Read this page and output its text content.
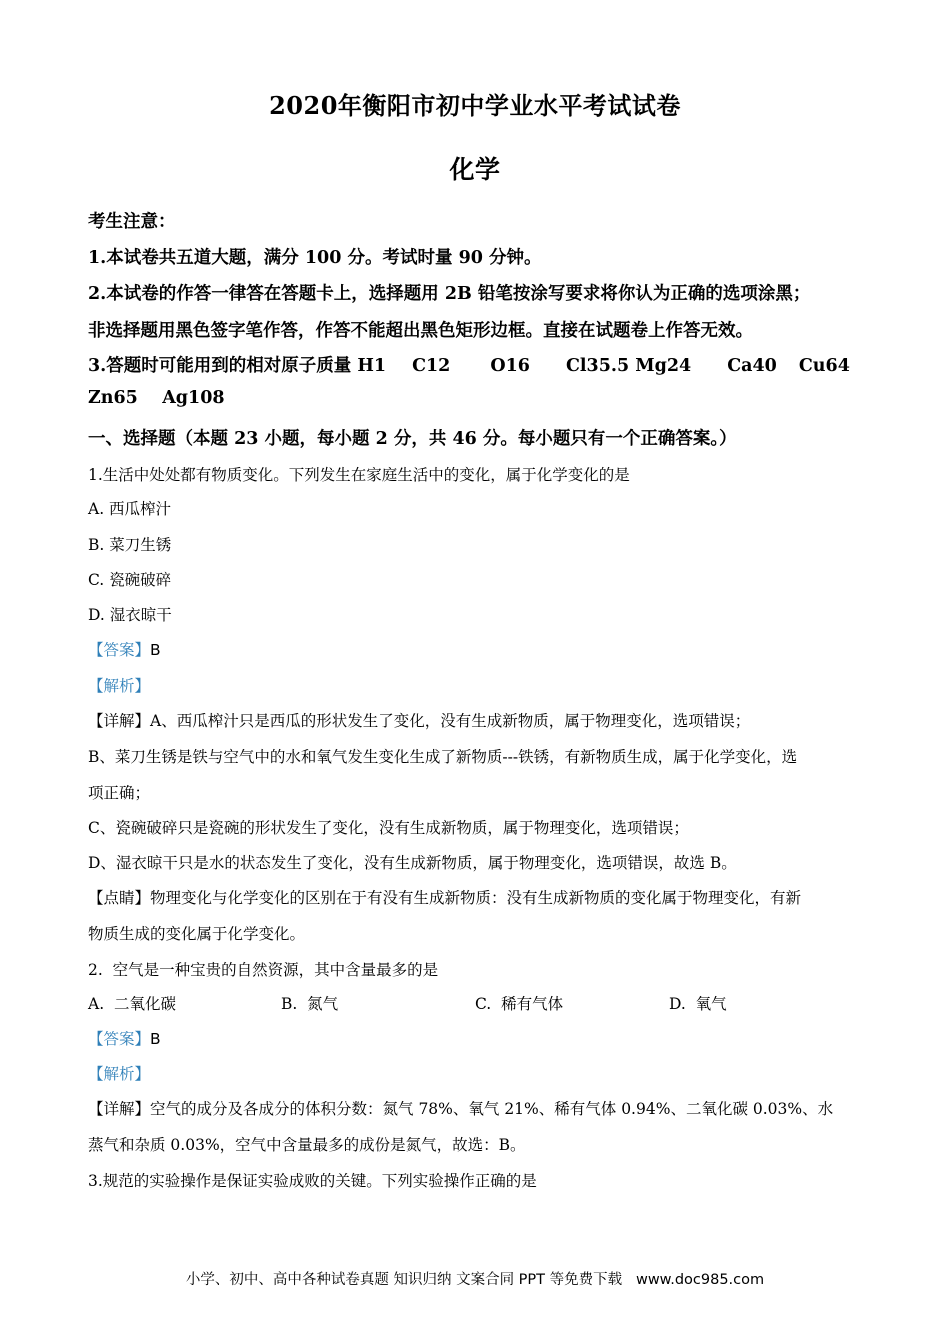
2020年衡阳市初中学业水平考试试卷
化学
考生注意：
1.本试卷共五道大题，满分 100 分。考试时量 90 分钟。
2.本试卷的作答一律答在答题卡上，选择题用 2B 铅笔按涂写要求将你认为正确的选项涂黑；
非选择题用黑色签字笔作答，作答不能超出黑色矩形边框。直接在试题卷上作答无效。
3.答题时可能用到的相对原子质量 H1 C12 O16 Cl35.5 Mg24 Ca40 Cu64
Zn65    Ag108
一、选择题（本题 23 小题，每小题 2 分，共 46 分。每小题只有一个正确答案。）
1.生活中处处都有物质变化。下列发生在家庭生活中的变化，属于化学变化的是
A. 西瓜榨汁
B. 菜刀生锈
C. 瓷碗破碎
D. 湿衣晾干
【答案】B
【解析】
【详解】A、西瓜榨汁只是西瓜的形状发生了变化，没有生成新物质，属于物理变化，选项错误；
B、菜刀生锈是铁与空气中的水和氧气发生变化生成了新物质---铁锈，有新物质生成，属于化学变化，选
项正确；
C、瓷碗破碎只是瓷碗的形状发生了变化，没有生成新物质，属于物理变化，选项错误；
D、湿衣晾干只是水的状态发生了变化，没有生成新物质，属于物理变化，选项错误，故选 B。
【点睛】物理变化与化学变化的区别在于有没有生成新物质：没有生成新物质的变化属于物理变化，有新
物质生成的变化属于化学变化。
2.  空气是一种宝贵的自然资源，其中含量最多的是
A.  二氧化碳	B.  氮气	C.  稀有气体	D.  氧气
【答案】B
【解析】
【详解】空气的成分及各成分的体积分数：氮气 78%、氧气 21%、稀有气体 0.94%、二氧化碳 0.03%、水
蒸气和杂质 0.03%，空气中含量最多的成份是氮气，故选：B。
3.规范的实验操作是保证实验成败的关键。下列实验操作正确的是
小学、初中、高中各种试卷真题 知识归纳 文案合同 PPT 等免费下载   www.doc985.com
